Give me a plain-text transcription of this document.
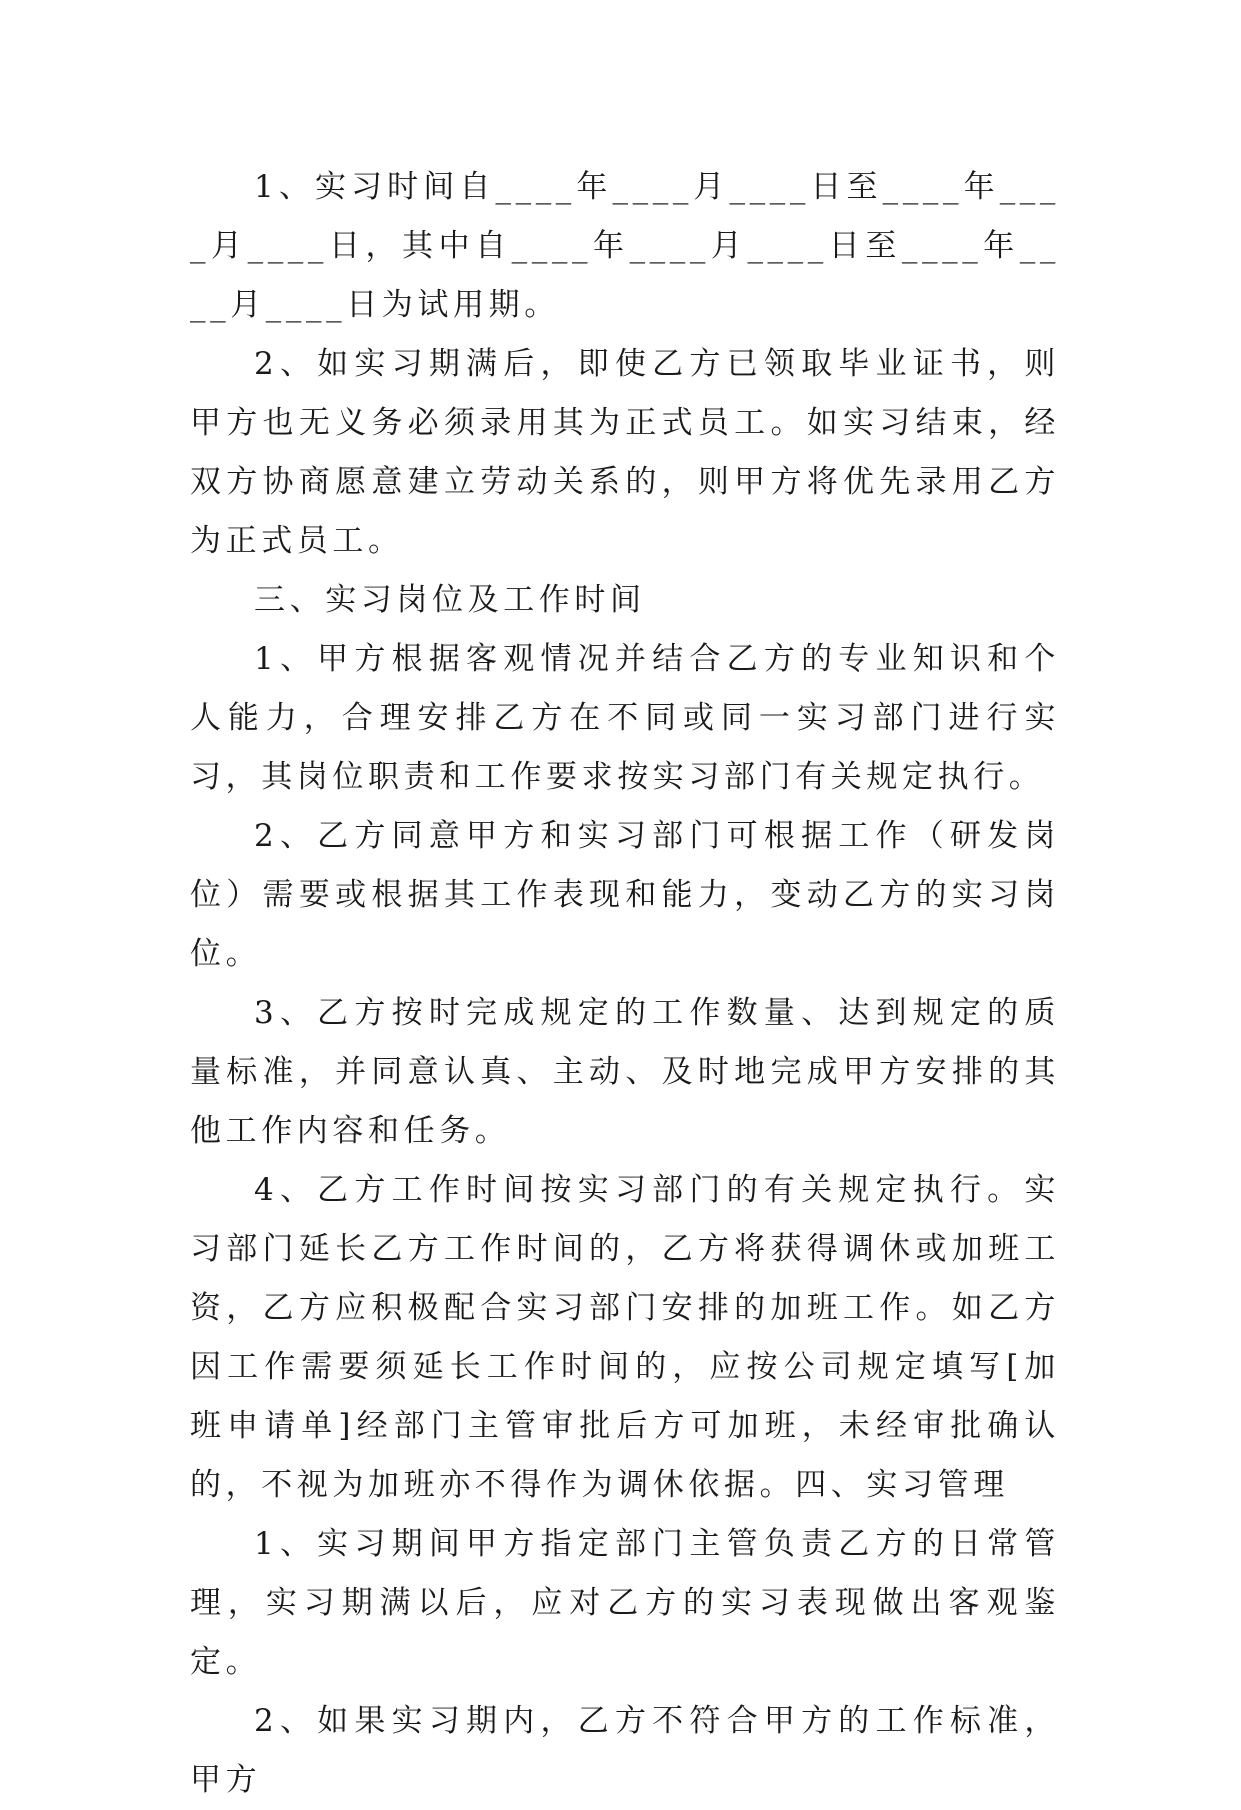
1、实习时间自____年____月____日至____年____月____日，其中自____年____月____日至____年____月____日为试用期。

2、如实习期满后，即使乙方已领取毕业证书，则甲方也无义务必须录用其为正式员工。如实习结束，经双方协商愿意建立劳动关系的，则甲方将优先录用乙方为正式员工。

三、实习岗位及工作时间

1、甲方根据客观情况并结合乙方的专业知识和个人能力，合理安排乙方在不同或同一实习部门进行实习，其岗位职责和工作要求按实习部门有关规定执行。

2、乙方同意甲方和实习部门可根据工作（研发岗位）需要或根据其工作表现和能力，变动乙方的实习岗位。

3、乙方按时完成规定的工作数量、达到规定的质量标准，并同意认真、主动、及时地完成甲方安排的其他工作内容和任务。

4、乙方工作时间按实习部门的有关规定执行。实习部门延长乙方工作时间的，乙方将获得调休或加班工资，乙方应积极配合实习部门安排的加班工作。如乙方因工作需要须延长工作时间的，应按公司规定填写[加班申请单]经部门主管审批后方可加班，未经审批确认的，不视为加班亦不得作为调休依据。四、实习管理

1、实习期间甲方指定部门主管负责乙方的日常管理，实习期满以后，应对乙方的实习表现做出客观鉴定。

2、如果实习期内，乙方不符合甲方的工作标准，甲方
